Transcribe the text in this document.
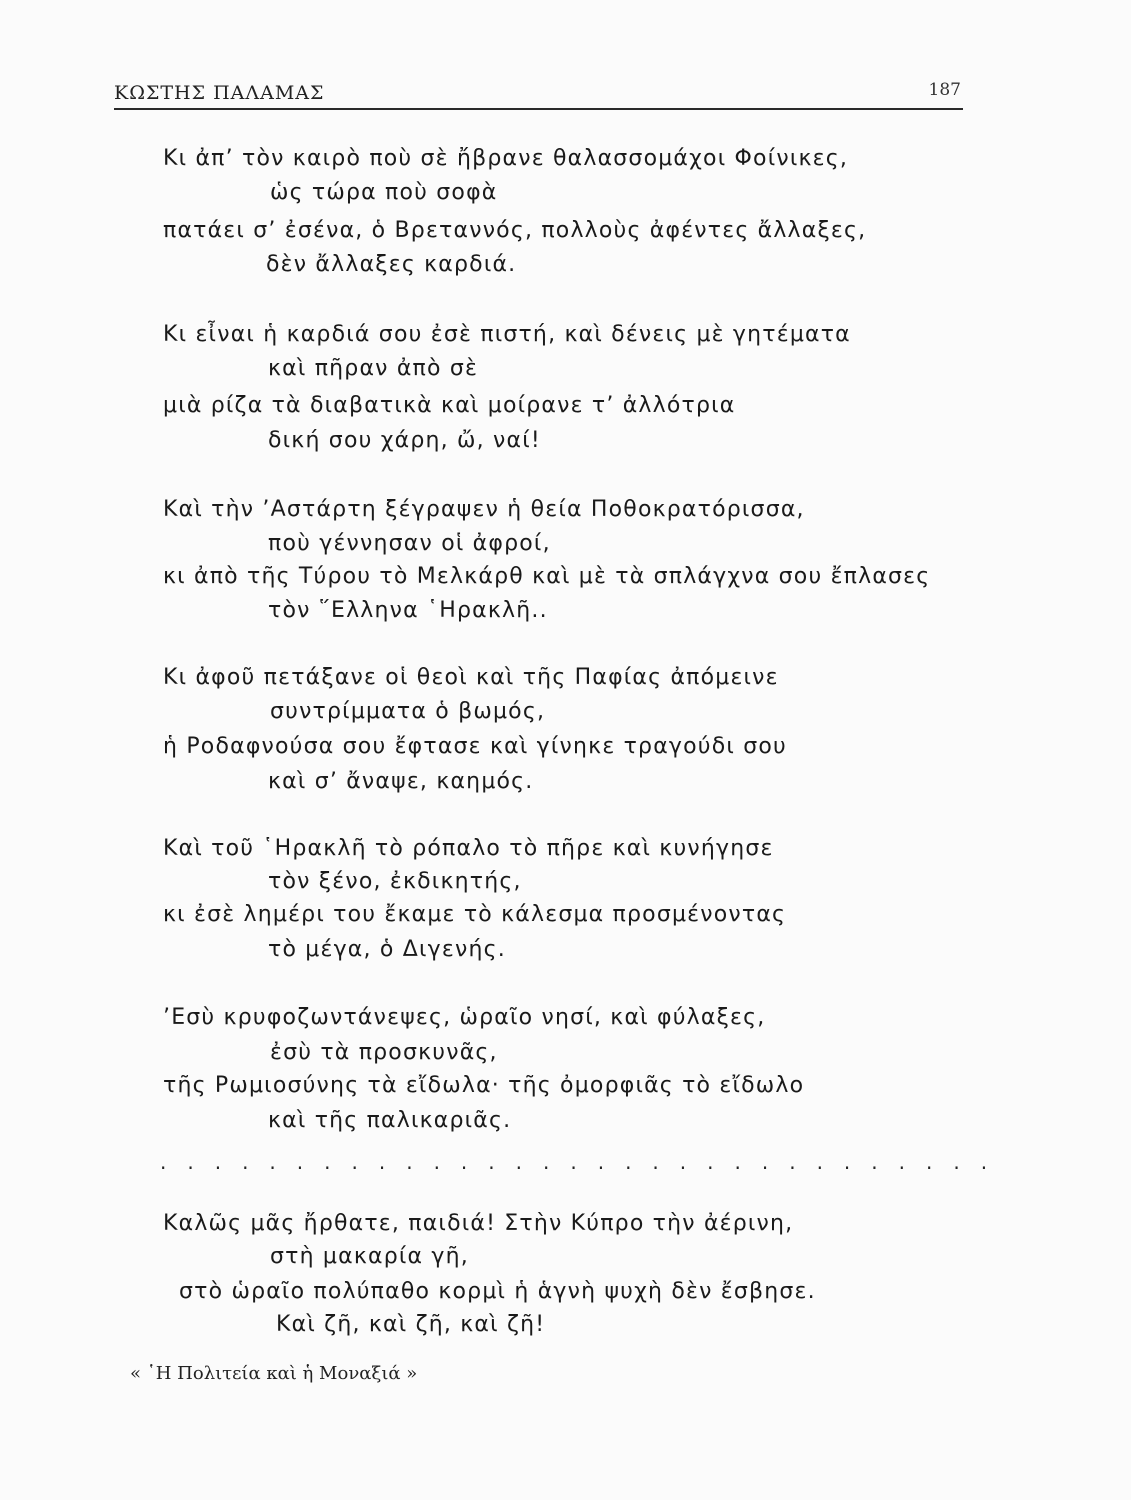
ΚΩΣΤΗΣ ΠΑΛΑΜΑΣ	187
Κι ἀπ’ τὸν καιρὸ ποὺ σὲ ἤβρανε θαλασσομάχοι Φοίνικες,
ὡς τώρα ποὺ σοφὰ
πατάει σ’ ἐσένα, ὁ Βρεταννός, πολλοὺς ἀφέντες ἄλλαξες,
δὲν ἄλλαξες καρδιά.
Κι εἶναι ἡ καρδιά σου ἐσὲ πιστή, καὶ δένεις μὲ γητέματα
καὶ πῆραν ἀπὸ σὲ
μιὰ ρίζα τὰ διαβατικὰ καὶ μοίρανε τ’ ἀλλότρια
δική σου χάρη, ὤ, ναί!
Καὶ τὴν ’Αστάρτη ξέγραψεν ἡ θεία Ποθοκρατόρισσα,
ποὺ γέννησαν οἱ ἀφροί,
κι ἀπὸ τῆς Τύρου τὸ Μελκάρθ καὶ μὲ τὰ σπλάγχνα σου ἔπλασες
τὸν ῞Ελληνα ῾Ηρακλῆ..
Κι ἀφοῦ πετάξανε οἱ θεοὶ καὶ τῆς Παφίας ἀπόμεινε
συντρίμματα ὁ βωμός,
ἡ Ροδαφνούσα σου ἔφτασε καὶ γίνηκε τραγούδι σου
καὶ σ’ ἄναψε, καημός.
Καὶ τοῦ ῾Ηρακλῆ τὸ ρόπαλο τὸ πῆρε καὶ κυνήγησε
τὸν ξένο, ἐκδικητής,
κι ἐσὲ λημέρι του ἔκαμε τὸ κάλεσμα προσμένοντας
τὸ μέγα, ὁ Διγενής.
’Εσὺ κρυφοζωντάνεψες, ὡραῖο νησί, καὶ φύλαξες,
ἐσὺ τὰ προσκυνᾶς,
τῆς Ρωμιοσύνης τὰ εἴδωλα· τῆς ὀμορφιᾶς τὸ εἴδωλο
καὶ τῆς παλικαριᾶς.
...............................
Καλῶς μᾶς ἤρθατε, παιδιά! Στὴν Κύπρο τὴν ἀέρινη,
στὴ μακαρία γῆ,
στὸ ὡραῖο πολύπαθο κορμὶ ἡ ἁγνὴ ψυχὴ δὲν ἔσβησε.
Καὶ ζῆ, καὶ ζῆ, καὶ ζῆ!
« ῾Η Πολιτεία καὶ ἡ Μοναξιά »
